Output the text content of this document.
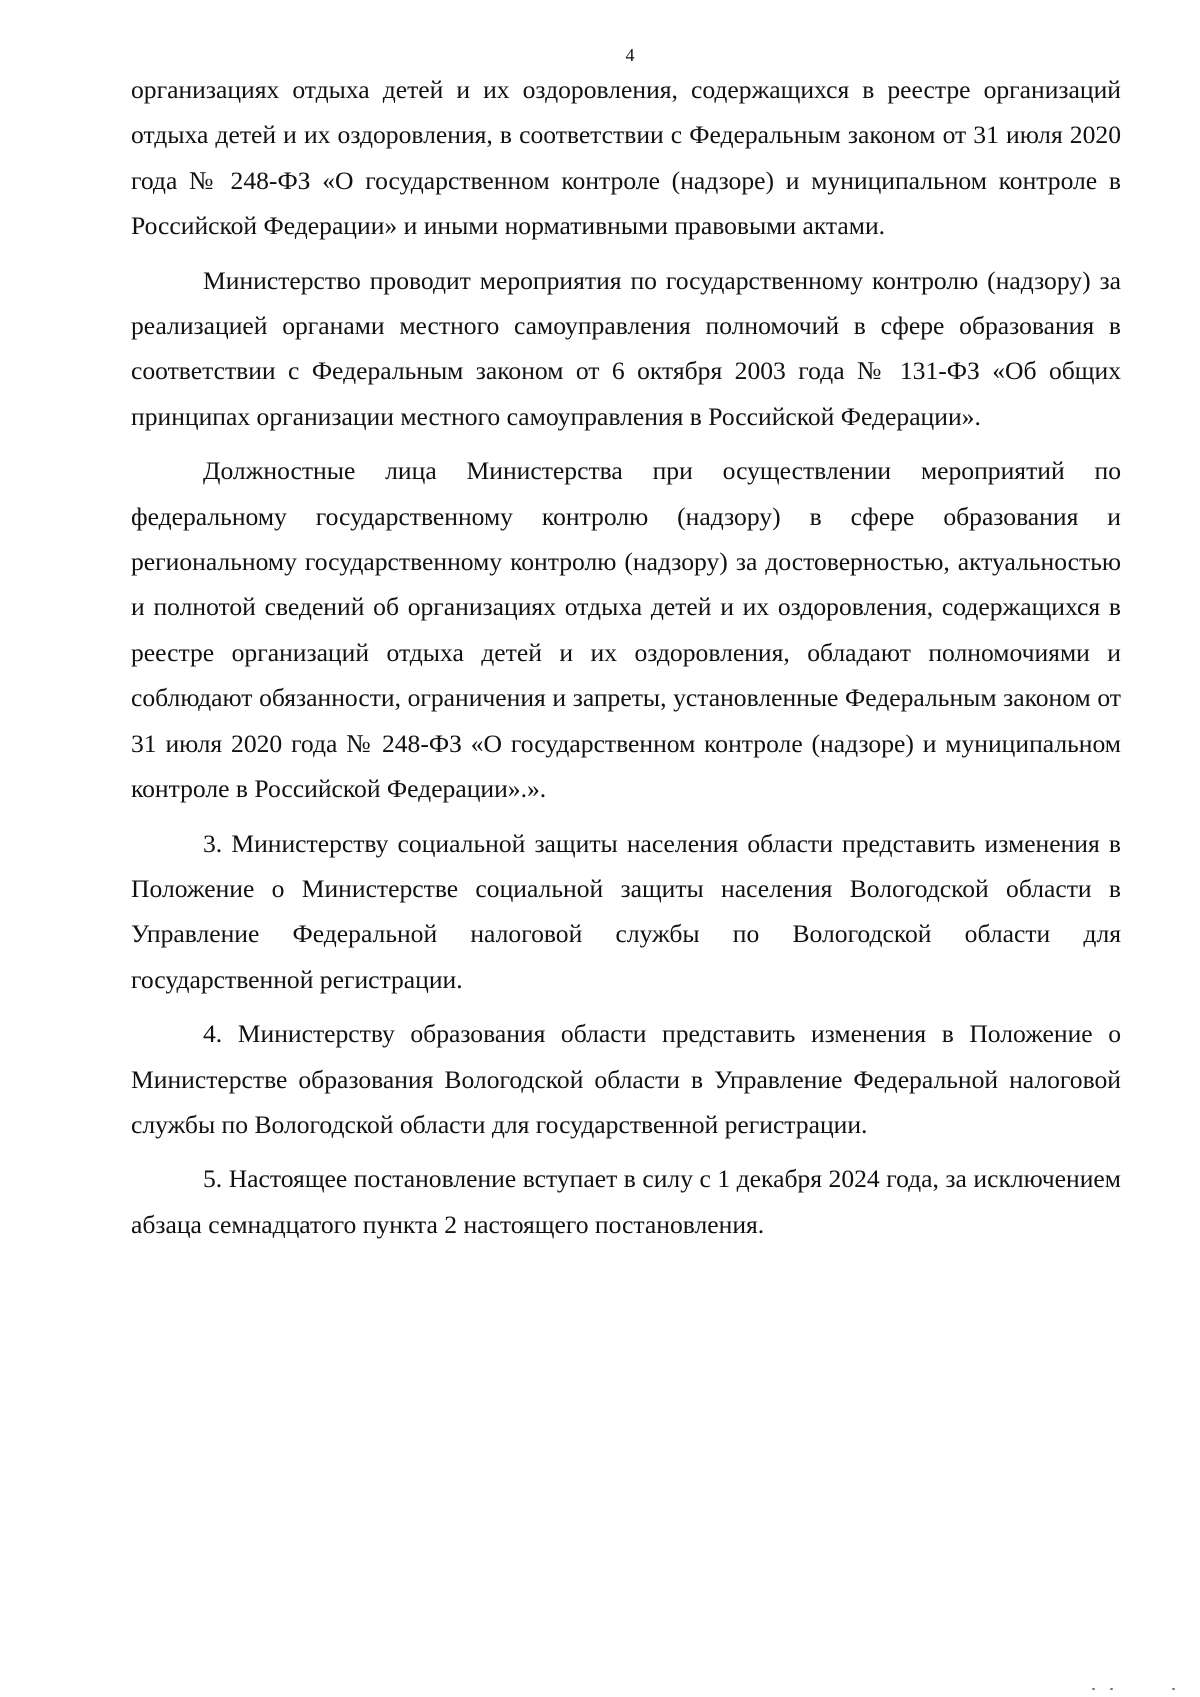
4

организациях отдыха детей и их оздоровления, содержащихся в реестре организаций отдыха детей и их оздоровления, в соответствии с Федеральным законом от 31 июля 2020 года № 248-ФЗ «О государственном контроле (надзоре) и муниципальном контроле в Российской Федерации» и иными нормативными правовыми актами.

Министерство проводит мероприятия по государственному контролю (надзору) за реализацией органами местного самоуправления полномочий в сфере образования в соответствии с Федеральным законом от 6 октября 2003 года № 131-ФЗ «Об общих принципах организации местного самоуправления в Российской Федерации».

Должностные лица Министерства при осуществлении мероприятий по федеральному государственному контролю (надзору) в сфере образования и региональному государственному контролю (надзору) за достоверностью, актуальностью и полнотой сведений об организациях отдыха детей и их оздоровления, содержащихся в реестре организаций отдыха детей и их оздоровления, обладают полномочиями и соблюдают обязанности, ограничения и запреты, установленные Федеральным законом от 31 июля 2020 года № 248-ФЗ «О государственном контроле (надзоре) и муниципальном контроле в Российской Федерации».».

3. Министерству социальной защиты населения области представить изменения в Положение о Министерстве социальной защиты населения Вологодской области в Управление Федеральной налоговой службы по Вологодской области для государственной регистрации.

4. Министерству образования области представить изменения в Положение о Министерстве образования Вологодской области в Управление Федеральной налоговой службы по Вологодской области для государственной регистрации.

5. Настоящее постановление вступает в силу с 1 декабря 2024 года, за исключением абзаца семнадцатого пункта 2 настоящего постановления.
